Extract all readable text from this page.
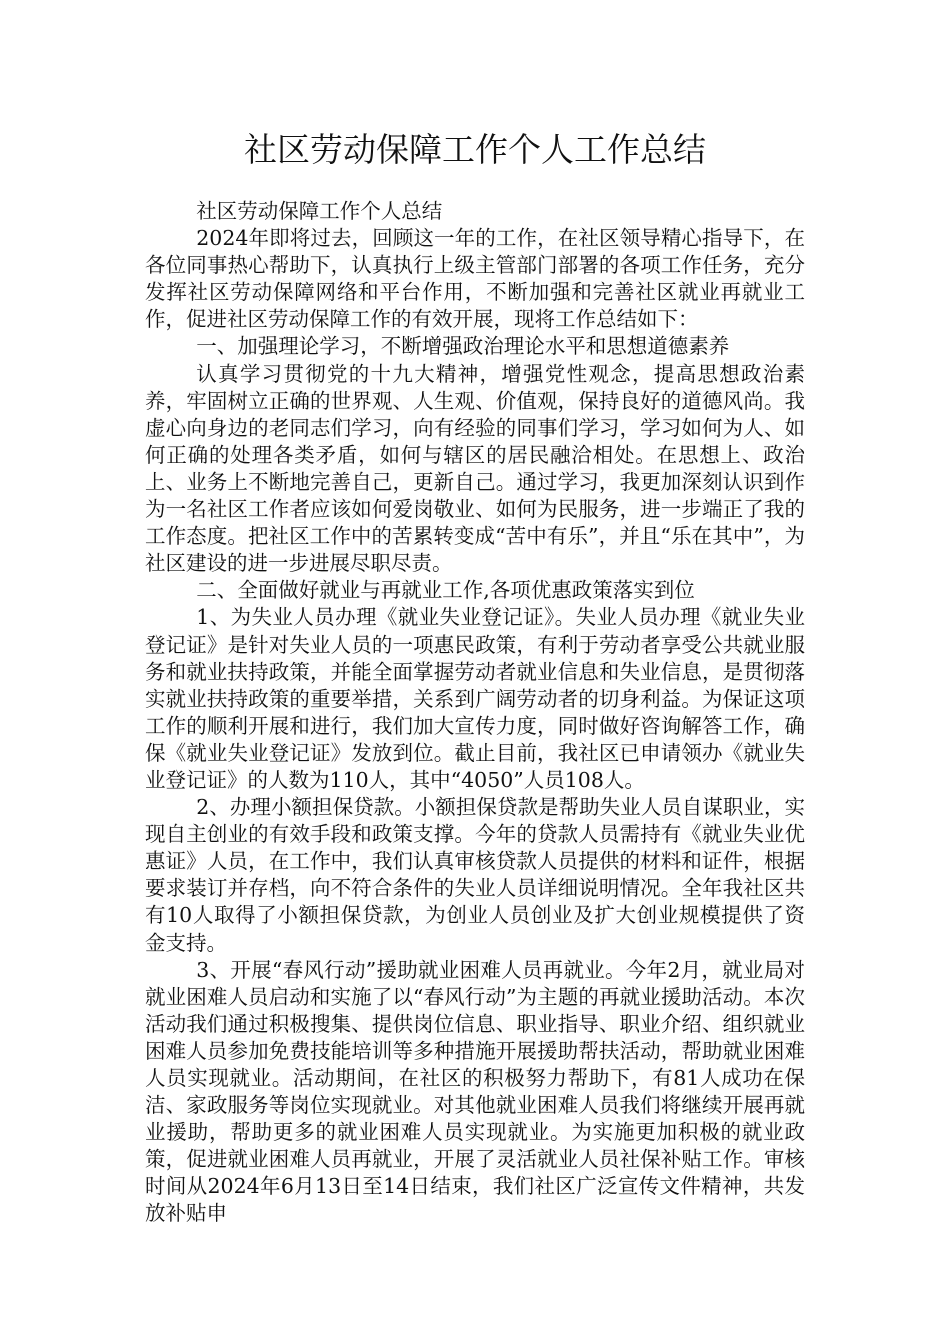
社区劳动保障工作个人工作总结

社区劳动保障工作个人总结

2024年即将过去，回顾这一年的工作，在社区领导精心指导下，在各位同事热心帮助下，认真执行上级主管部门部署的各项工作任务，充分发挥社区劳动保障网络和平台作用，不断加强和完善社区就业再就业工作，促进社区劳动保障工作的有效开展，现将工作总结如下：

一、加强理论学习，不断增强政治理论水平和思想道德素养

认真学习贯彻党的十九大精神，增强党性观念，提高思想政治素养，牢固树立正确的世界观、人生观、价值观，保持良好的道德风尚。我虚心向身边的老同志们学习，向有经验的同事们学习，学习如何为人、如何正确的处理各类矛盾，如何与辖区的居民融洽相处。在思想上、政治上、业务上不断地完善自己，更新自己。通过学习，我更加深刻认识到作为一名社区工作者应该如何爱岗敬业、如何为民服务，进一步端正了我的工作态度。把社区工作中的苦累转变成“苦中有乐”，并且“乐在其中”，为社区建设的进一步进展尽职尽责。

二、全面做好就业与再就业工作,各项优惠政策落实到位

1、为失业人员办理《就业失业登记证》。失业人员办理《就业失业登记证》是针对失业人员的一项惠民政策，有利于劳动者享受公共就业服务和就业扶持政策，并能全面掌握劳动者就业信息和失业信息，是贯彻落实就业扶持政策的重要举措，关系到广阔劳动者的切身利益。为保证这项工作的顺利开展和进行，我们加大宣传力度，同时做好咨询解答工作，确保《就业失业登记证》发放到位。截止目前，我社区已申请领办《就业失业登记证》的人数为110人，其中“4050”人员108人。

2、办理小额担保贷款。小额担保贷款是帮助失业人员自谋职业，实现自主创业的有效手段和政策支撑。今年的贷款人员需持有《就业失业优惠证》人员，在工作中，我们认真审核贷款人员提供的材料和证件，根据要求装订并存档，向不符合条件的失业人员详细说明情况。全年我社区共有10人取得了小额担保贷款，为创业人员创业及扩大创业规模提供了资金支持。

3、开展“春风行动”援助就业困难人员再就业。今年2月，就业局对就业困难人员启动和实施了以“春风行动”为主题的再就业援助活动。本次活动我们通过积极搜集、提供岗位信息、职业指导、职业介绍、组织就业困难人员参加免费技能培训等多种措施开展援助帮扶活动，帮助就业困难人员实现就业。活动期间，在社区的积极努力帮助下，有81人成功在保洁、家政服务等岗位实现就业。对其他就业困难人员我们将继续开展再就业援助，帮助更多的就业困难人员实现就业。为实施更加积极的就业政策，促进就业困难人员再就业，开展了灵活就业人员社保补贴工作。审核时间从2024年6月13日至14日结束，我们社区广泛宣传文件精神，共发放补贴申
